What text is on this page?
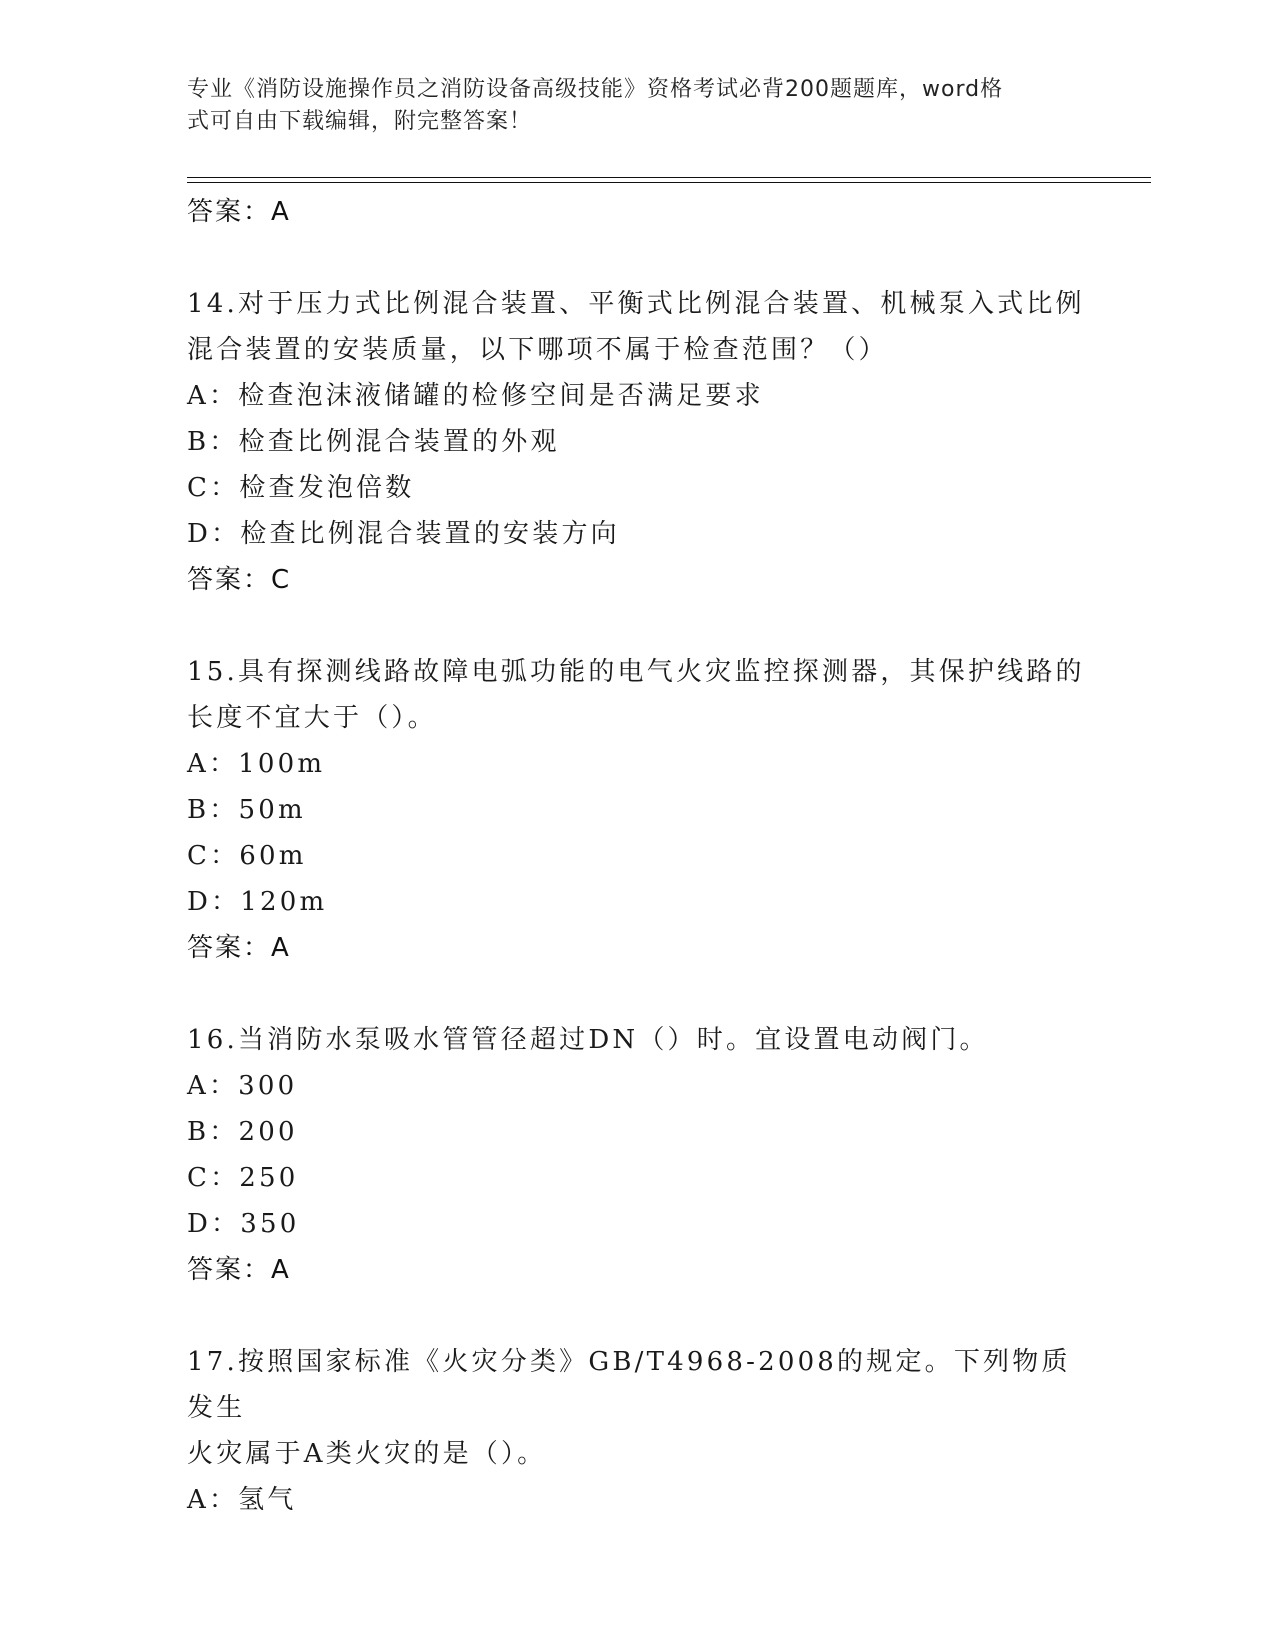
专业《消防设施操作员之消防设备高级技能》资格考试必背200题题库，word格
式可自由下载编辑，附完整答案！
答案：A
14.对于压力式比例混合装置、平衡式比例混合装置、机械泵入式比例
混合装置的安装质量，以下哪项不属于检查范围？（）
A：检查泡沫液储罐的检修空间是否满足要求
B：检查比例混合装置的外观
C：检查发泡倍数
D：检查比例混合装置的安装方向
答案：C
15.具有探测线路故障电弧功能的电气火灾监控探测器，其保护线路的
长度不宜大于（）。
A：100m
B：50m
C：60m
D：120m
答案：A
16.当消防水泵吸水管管径超过DN（）时。宜设置电动阀门。
A：300
B：200
C：250
D：350
答案：A
17.按照国家标准《火灾分类》GB/T4968-2008的规定。下列物质发生
火灾属于A类火灾的是（）。
A：氢气
